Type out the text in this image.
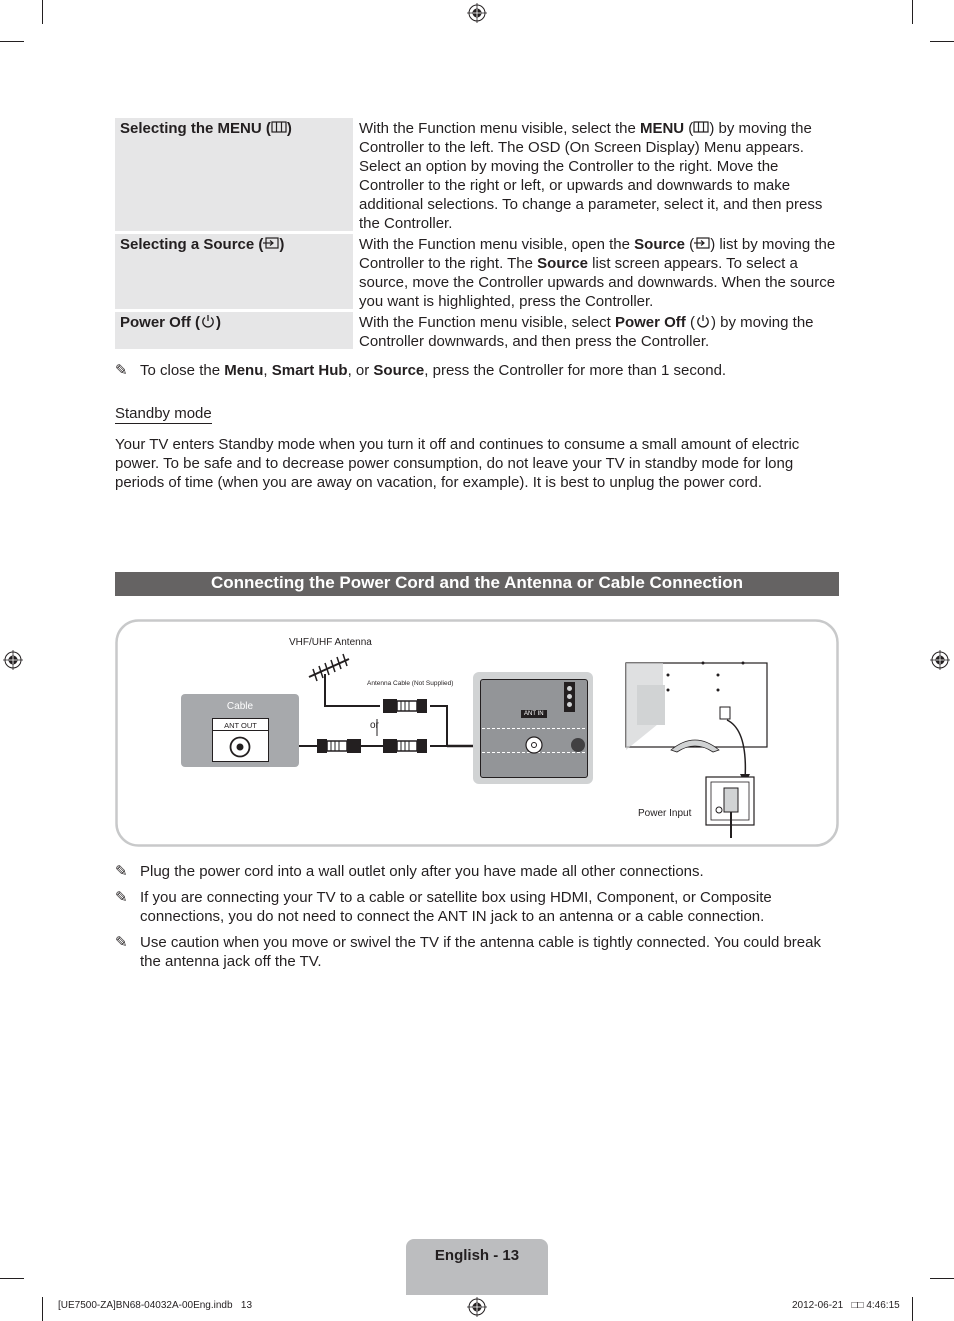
Selecting the MENU ( )	With the Function menu visible, select the MENU ( ) by moving the Controller to the left. The OSD (On Screen Display) Menu appears. Select an option by moving the Controller to the right. Move the Controller to the right or left, or upwards and downwards to make additional selections. To change a parameter, select it, and then press the Controller.
Selecting a Source ( )	With the Function menu visible, open the Source ( ) list by moving the Controller to the right. The Source list screen appears. To select a source, move the Controller upwards and downwards. When the source you want is highlighted, press the Controller.
Power Off ( )	With the Function menu visible, select Power Off ( ) by moving the Controller downwards, and then press the Controller.
✎ To close the Menu, Smart Hub, or Source, press the Controller for more than 1 second.
Standby mode
Your TV enters Standby mode when you turn it off and continues to consume a small amount of electric power. To be safe and to decrease power consumption, do not leave your TV in standby mode for long periods of time (when you are away on vacation, for example). It is best to unplug the power cord.
Connecting the Power Cord and the Antenna or Cable Connection
VHF/UHF Antenna
Antenna Cable (Not Supplied)
or
Cable
ANT OUT
ANT IN
Power Input
✎ Plug the power cord into a wall outlet only after you have made all other connections.
✎ If you are connecting your TV to a cable or satellite box using HDMI, Component, or Composite connections, you do not need to connect the ANT IN jack to an antenna or a cable connection.
✎ Use caution when you move or swivel the TV if the antenna cable is tightly connected. You could break the antenna jack off the TV.
English - 13
[UE7500-ZA]BN68-04032A-00Eng.indb   13	2012-06-21   □□ 4:46:15
